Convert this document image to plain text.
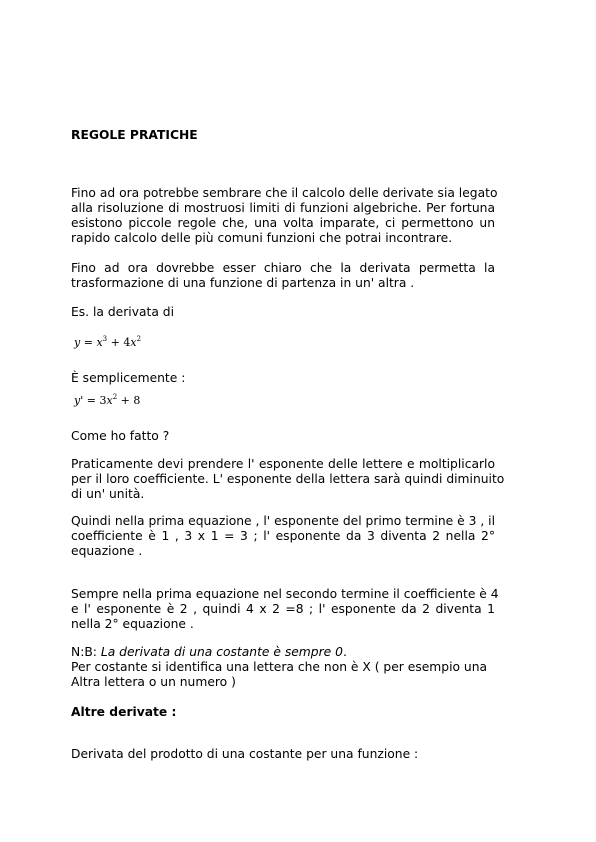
REGOLE PRATICHE

Fino ad ora potrebbe sembrare che il calcolo delle derivate sia legato
alla risoluzione di mostruosi limiti di funzioni algebriche. Per fortuna
esistono piccole regole che, una volta imparate, ci permettono un
rapido calcolo delle più comuni funzioni che potrai incontrare.
Fino ad ora dovrebbe esser chiaro che la derivata permetta la
trasformazione di una funzione di partenza in un' altra .

Es. la derivata di

$y = x^3 + 4x^2$

È semplicemente :

$y' = 3x^2 + 8$

Come ho fatto ?

Praticamente devi prendere l' esponente delle lettere e moltiplicarlo
per il loro coefficiente. L' esponente della lettera sarà quindi diminuito
di un' unità.
Quindi nella prima equazione , l' esponente del primo termine è 3 , il
coefficiente è 1 , 3 x 1 = 3 ; l' esponente da 3 diventa 2 nella 2°
equazione .
Sempre nella prima equazione nel secondo termine il coefficiente è 4
e l' esponente è 2 , quindi 4 x 2 =8 ; l' esponente da 2 diventa 1
nella 2° equazione .

N:B: La derivata di una costante è sempre 0.

Per costante si identifica una lettera che non è X ( per esempio una
Altra lettera o un numero )

Altre derivate :

Derivata del prodotto di una costante per una funzione :
